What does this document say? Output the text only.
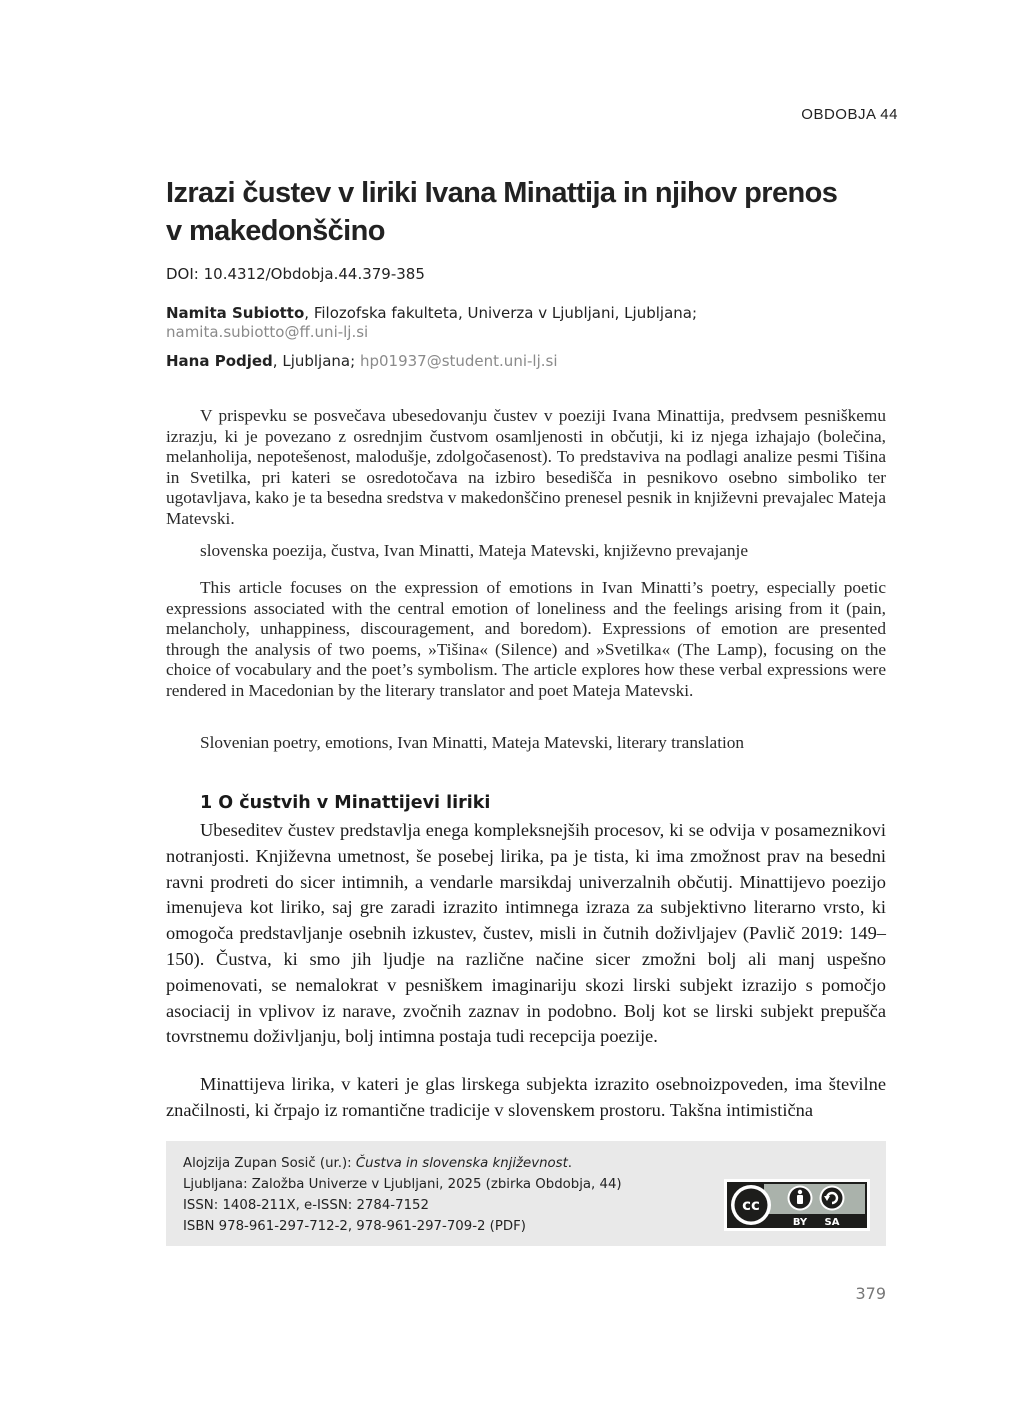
OBDOBJA 44
Izrazi čustev v liriki Ivana Minattija in njihov prenos
v makedonščino
DOI: 10.4312/Obdobja.44.379-385
Namita Subiotto, Filozofska fakulteta, Univerza v Ljubljani, Ljubljana;
namita.subiotto@ff.uni-lj.si
Hana Podjed, Ljubljana; hp01937@student.uni-lj.si

V prispevku se posvečava ubesedovanju čustev v poeziji Ivana Minattija, predvsem pesniškemu izrazju, ki je povezano z osrednjim čustvom osamljenosti in občutji, ki iz njega izhajajo (bolečina, melanholija, nepotešenost, malodušje, zdolgočasenost). To predstaviva na podlagi analize pesmi Tišina in Svetilka, pri kateri se osredotočava na izbiro besedišča in pesnikovo osebno simboliko ter ugotavljava, kako je ta besedna sredstva v makedonščino prenesel pesnik in književni prevajalec Mateja Matevski.

slovenska poezija, čustva, Ivan Minatti, Mateja Matevski, književno prevajanje

This article focuses on the expression of emotions in Ivan Minatti’s poetry, especially poetic expressions associated with the central emotion of loneliness and the feelings arising from it (pain, melancholy, unhappiness, discouragement, and boredom). Expressions of emotion are presented through the analysis of two poems, »Tišina« (Silence) and »Svetilka« (The Lamp), focusing on the choice of vocabulary and the poet’s symbolism. The article explores how these verbal expressions were rendered in Macedonian by the literary translator and poet Mateja Matevski.

Slovenian poetry, emotions, Ivan Minatti, Mateja Matevski, literary translation
1 O čustvih v Minattijevi liriki

Ubeseditev čustev predstavlja enega kompleksnejših procesov, ki se odvija v posameznikovi notranjosti. Književna umetnost, še posebej lirika, pa je tista, ki ima zmožnost prav na besedni ravni prodreti do sicer intimnih, a vendarle marsikdaj univerzalnih občutij. Minattijevo poezijo imenujeva kot liriko, saj gre zaradi izrazito intimnega izraza za subjektivno literarno vrsto, ki omogoča predstavljanje osebnih izkustev, čustev, misli in čutnih doživljajev (Pavlič 2019: 149–150). Čustva, ki smo jih ljudje na različne načine sicer zmožni bolj ali manj uspešno poimenovati, se nemalokrat v pesniškem imaginariju skozi lirski subjekt izrazijo s pomočjo asociacij in vplivov iz narave, zvočnih zaznav in podobno. Bolj kot se lirski subjekt prepušča tovrstnemu doživljanju, bolj intimna postaja tudi recepcija poezije.

Minattijeva lirika, v kateri je glas lirskega subjekta izrazito osebnoizpoveden, ima številne značilnosti, ki črpajo iz romantične tradicije v slovenskem prostoru. Takšna intimistična

Alojzija Zupan Sosič (ur.): Čustva in slovenska književnost.
Ljubljana: Založba Univerze v Ljubljani, 2025 (zbirka Obdobja, 44)
ISSN: 1408-211X, e-ISSN: 2784-7152
ISBN 978-961-297-712-2, 978-961-297-709-2 (PDF)
cc
BY SA
379
